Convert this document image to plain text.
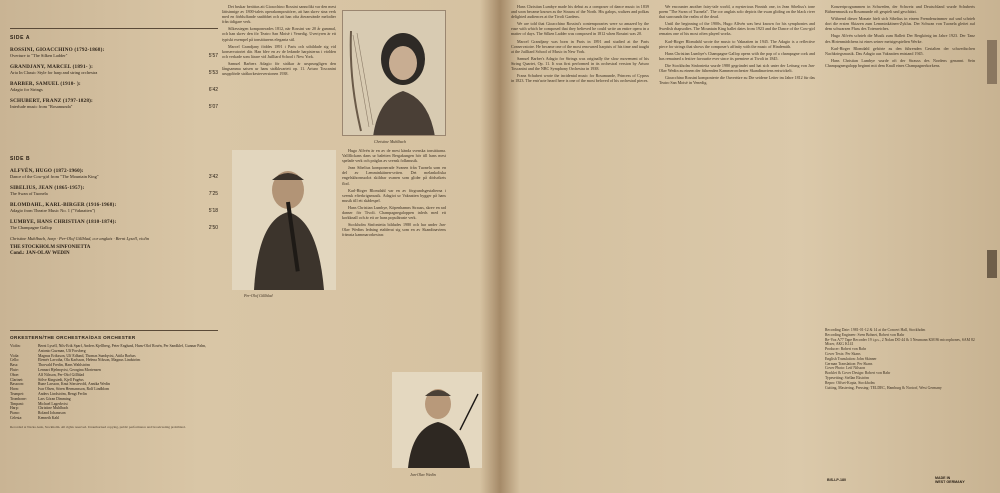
SIDE A
ROSSINI, GIOACCHINO (1792-1868):
Overture to "The Silken Ladder"	5'57
GRANDJANY, MARCEL (1891- ):
Aria In Classic Style for harp and string orchestra	5'53
BARBER, SAMUEL (1910- ):
Adagio for Strings	6'42
SCHUBERT, FRANZ (1797-1828):
Interlude music from "Rosamunda"	5'07
SIDE B
ALFVÉN, HUGO (1872-1960):
Dance of the Cow-girl from "The Mountain King"	3'42
SIBELIUS, JEAN (1865-1957):
The Swan of Tuonela	7'25
BLOMDAHL, KARL-BIRGER (1916-1968):
Adagio from Theatre Music No. 1 ("Vaknatten")	5'18
LUMBYE, HANS CHRISTIAN (1810-1874):
The Champagne Gallop	2'50
Christine Muhlbach, harp · Per-Olof Gillblad, cor anglais · Bernt Lysell, violin
THE STOCKHOLM SINFONIETTA
Cond.: JAN-OLAV WEDIN
ORKESTERN/THE ORCHESTRA/DAS ORCHESTER
Violin:	Bernt Lysell, Nils-Erik Sparf, Anders Kjellberg, Peter Englund, Hans-Olof Rosén, Per Sandklef, Gunnar Palm, Antonio Guzman, Ulf Forsberg
Viola:	Magnus Eriksson, Ulf Edlund, Thomas Sundqvist, Attila Borbas
Cello:	Elemér Lavotha, Ola Karlsson, Helena Nilsson, Magnus Lindström
Bass:	Thorvald Fredin, Hans Wahlström
Flute:	Lennart Hjelmqvist, Georgina Mortensen
Oboe:	Alf Nilsson, Per-Olof Gillblad
Clarinet:	Sölve Kingstedt, Kjell Fagéus
Bassoon:	Rune Larsson, Knut Sönstevold, Annika Wedin
Horn:	Ivar Olsen, Sören Hermansson, Rolf Lindblom
Trumpet:	Anders Lindström, Bengt Ferlin
Trombone:	Lars Göran Dimming
Timpani:	Michael Lagerkvist
Harp:	Christine Muhlbach
Piano:	Roland Johansson
Celesta:	Kenneth Kahl
Recorded at Nacka Aula, Stockholm. All rights reserved. Unauthorised copying, public performance and broadcasting prohibited.

Det brukar berättas att Gioacchino Rossini sannolikt var den mest lättsinnige av 1800-talets operakompositörer, att han skrev sina verk med en förbluffande snabbhet och att han ofta återanvände melodier från tidigare verk.

Silkesstegen komponerades 1812, när Rossini var 20 år gammal, och han skrev den för Teatro San Moisè i Venedig. Uvertyren är ett typiskt exempel på tonsättarens eleganta stil.

Marcel Grandjany föddes 1891 i Paris och utbildade sig vid konservatoriet där. Han blev en av de ledande harpisterna i världen och verkade som lärare vid Juilliard School i New York.

Samuel Barbers Adagio för stråkar är ursprungligen den långsamma satsen ur hans stråkkvartett op. 11. Arturo Toscanini uruppförde stråkorkesterversionen 1938.

Christine Muhlbach

Hugo Alfvén är en av de mest kända svenska tonsättarna. Vallflickans dans ur baletten Bergakungen hör till hans mest spelade verk och präglas av svensk folkmusik.

Jean Sibelius komponerade Svanen från Tuonela som en del av Lemminkäinen-sviten. Det melankoliska engelskhornssolot skildrar svanen som glider på dödsrikets flod.

Karl-Birger Blomdahl var en av förgrundsgestalterna i svensk efterkrigsmusik. Adagiot ur Vaknatten bygger på hans musik till ett skådespel.

Hans Christian Lumbye, Köpenhamns Strauss, skrev en rad danser för Tivoli. Champagnegaloppen inleds med ett korkknall och är ett av hans populäraste verk.

Stockholm Sinfonietta bildades 1980 och har under Jan-Olav Wedins ledning etablerat sig som en av Skandinaviens främsta kammarorkestrar.

Per-Olof Gillblad
Jan-Olav Wedin

Hans Christian Lumbye made his debut as a composer of dance music in 1839 and soon became known as the Strauss of the North. His galops, waltzes and polkas delighted audiences at the Tivoli Gardens.

We are told that Gioacchino Rossini's contemporaries were so amazed by the ease with which he composed that they believed he could write an entire opera in a matter of days. The Silken Ladder was composed in 1812 when Rossini was 20.

Marcel Grandjany was born in Paris in 1891 and studied at the Paris Conservatoire. He became one of the most renowned harpists of his time and taught at the Juilliard School of Music in New York.

Samuel Barber's Adagio for Strings was originally the slow movement of his String Quartet, Op. 11. It was first performed in its orchestral version by Arturo Toscanini and the NBC Symphony Orchestra in 1938.

Franz Schubert wrote the incidental music for Rosamunde, Princess of Cyprus in 1823. The entr'acte heard here is one of the most beloved of his orchestral pieces.

We encounter another fairy-tale world, a mysterious Finnish one, in Jean Sibelius's tone poem "The Swan of Tuonela". The cor anglais solo depicts the swan gliding on the black river that surrounds the realm of the dead.

Until the beginning of the 1900s, Hugo Alfvén was best known for his symphonies and Swedish rhapsodies. The Mountain King ballet dates from 1923 and the Dance of the Cow-girl remains one of his most often played works.

Karl-Birger Blomdahl wrote the music to Vaknatten in 1945. The Adagio is a reflective piece for strings that shows the composer's affinity with the music of Hindemith.

Hans Christian Lumbye's Champagne Gallop opens with the pop of a champagne cork and has remained a festive favourite ever since its premiere at Tivoli in 1845.

Die Stockholm Sinfonietta wurde 1980 gegründet und hat sich unter der Leitung von Jan-Olav Wedin zu einem der führenden Kammerorchester Skandinaviens entwickelt.

Gioacchino Rossini komponierte die Ouvertüre zu Die seidene Leiter im Jahre 1812 für das Teatro San Moisè in Venedig.

Konzertprogrammen in Schweden, der Schweiz und Deutschland wurde Schuberts Bühnenmusik zu Rosamunde oft gespielt und geschätzt.

Während dieser Monate hielt sich Sibelius in einem Fremdenzimmer auf und schrieb dort die ersten Skizzen zum Lemminkäinen-Zyklus. Der Schwan von Tuonela gleitet auf dem schwarzen Fluss des Totenreiches.

Hugo Alfvén schrieb die Musik zum Ballett Der Bergkönig im Jahre 1923. Der Tanz des Hirtenmädchens ist eines seiner meistgespielten Werke.

Karl-Birger Blomdahl gehörte zu den führenden Gestalten der schwedischen Nachkriegsmusik. Das Adagio aus Vaknatten entstand 1945.

Hans Christian Lumbye wurde oft der Strauss des Nordens genannt. Sein Champagnergalopp beginnt mit dem Knall eines Champagnerkorkens.

Recording Date: 1981-01-12 & 14 at the Concert Hall, Stockholm
Recording Engineer: Sven Bohnet, Robert von Bahr
Re-Vox A77 Tape Recorder 19 i.p.s., 2 Nolan DO 44 & 3 Neumann KM 86 microphones, SAM 82 Mixer, AKG K141
Producer: Robert von Bahr
Cover Texts: Per Skans
English Translation: John Skinner
German Translation: Per Skans
Cover Photo: Leif Nilsson
Booklet & Cover Design: Robert von Bahr
Typesetting: Stellan Ekström
Repro: Offset-Kopia, Stockholm
Cutting, Mastering, Pressing: TELDEC, Hamburg & Nortorf, West Germany
MADE IN
WEST GERMANY
BIS-LP-180
